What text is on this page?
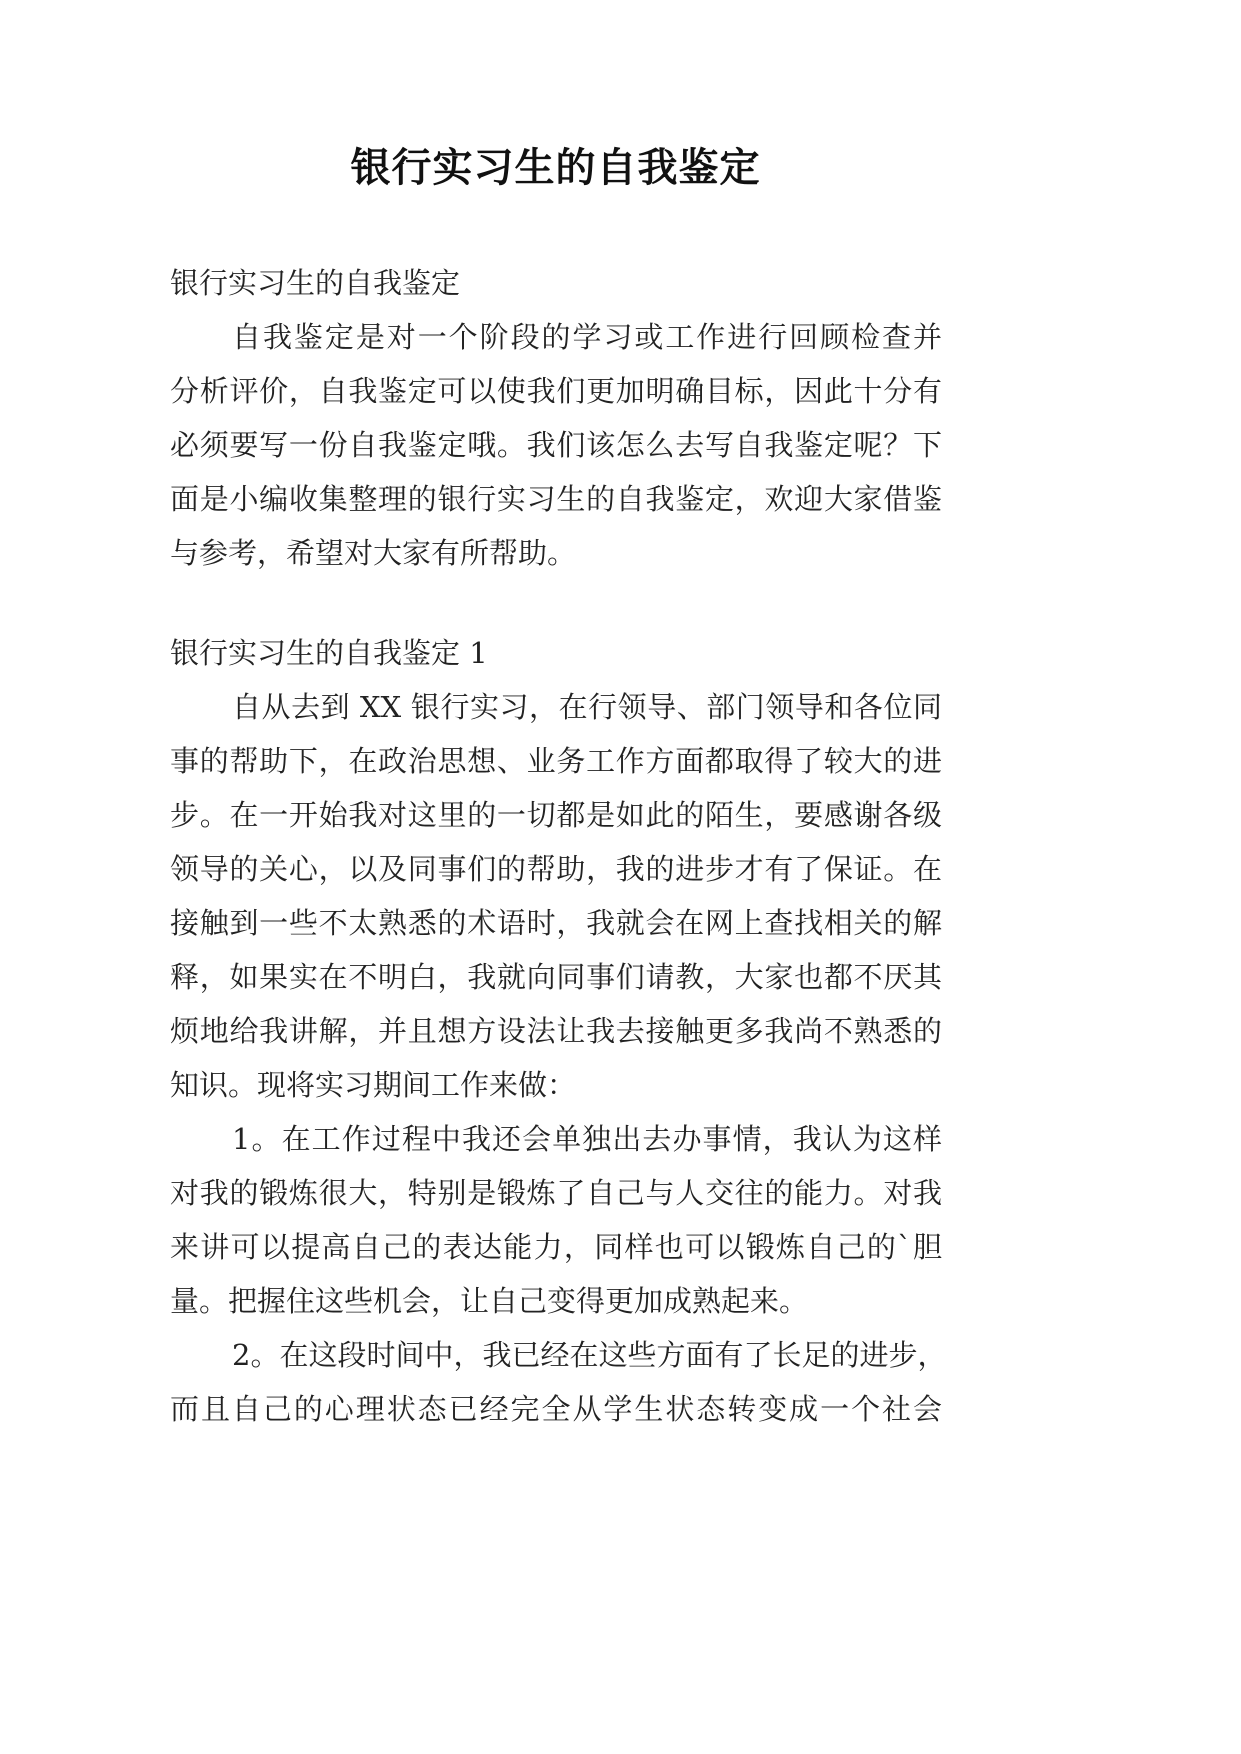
银行实习生的自我鉴定
银行实习生的自我鉴定
自我鉴定是对一个阶段的学习或工作进行回顾检查并
分析评价，自我鉴定可以使我们更加明确目标，因此十分有
必须要写一份自我鉴定哦。我们该怎么去写自我鉴定呢？下
面是小编收集整理的银行实习生的自我鉴定，欢迎大家借鉴
与参考，希望对大家有所帮助。
银行实习生的自我鉴定 1
自从去到 XX 银行实习，在行领导、部门领导和各位同
事的帮助下，在政治思想、业务工作方面都取得了较大的进
步。在一开始我对这里的一切都是如此的陌生，要感谢各级
领导的关心，以及同事们的帮助，我的进步才有了保证。在
接触到一些不太熟悉的术语时，我就会在网上查找相关的解
释，如果实在不明白，我就向同事们请教，大家也都不厌其
烦地给我讲解，并且想方设法让我去接触更多我尚不熟悉的
知识。现将实习期间工作来做：
1。在工作过程中我还会单独出去办事情，我认为这样
对我的锻炼很大，特别是锻炼了自己与人交往的能力。对我
来讲可以提高自己的表达能力，同样也可以锻炼自己的`胆
量。把握住这些机会，让自己变得更加成熟起来。
2。在这段时间中，我已经在这些方面有了长足的进步，
而且自己的心理状态已经完全从学生状态转变成一个社会
